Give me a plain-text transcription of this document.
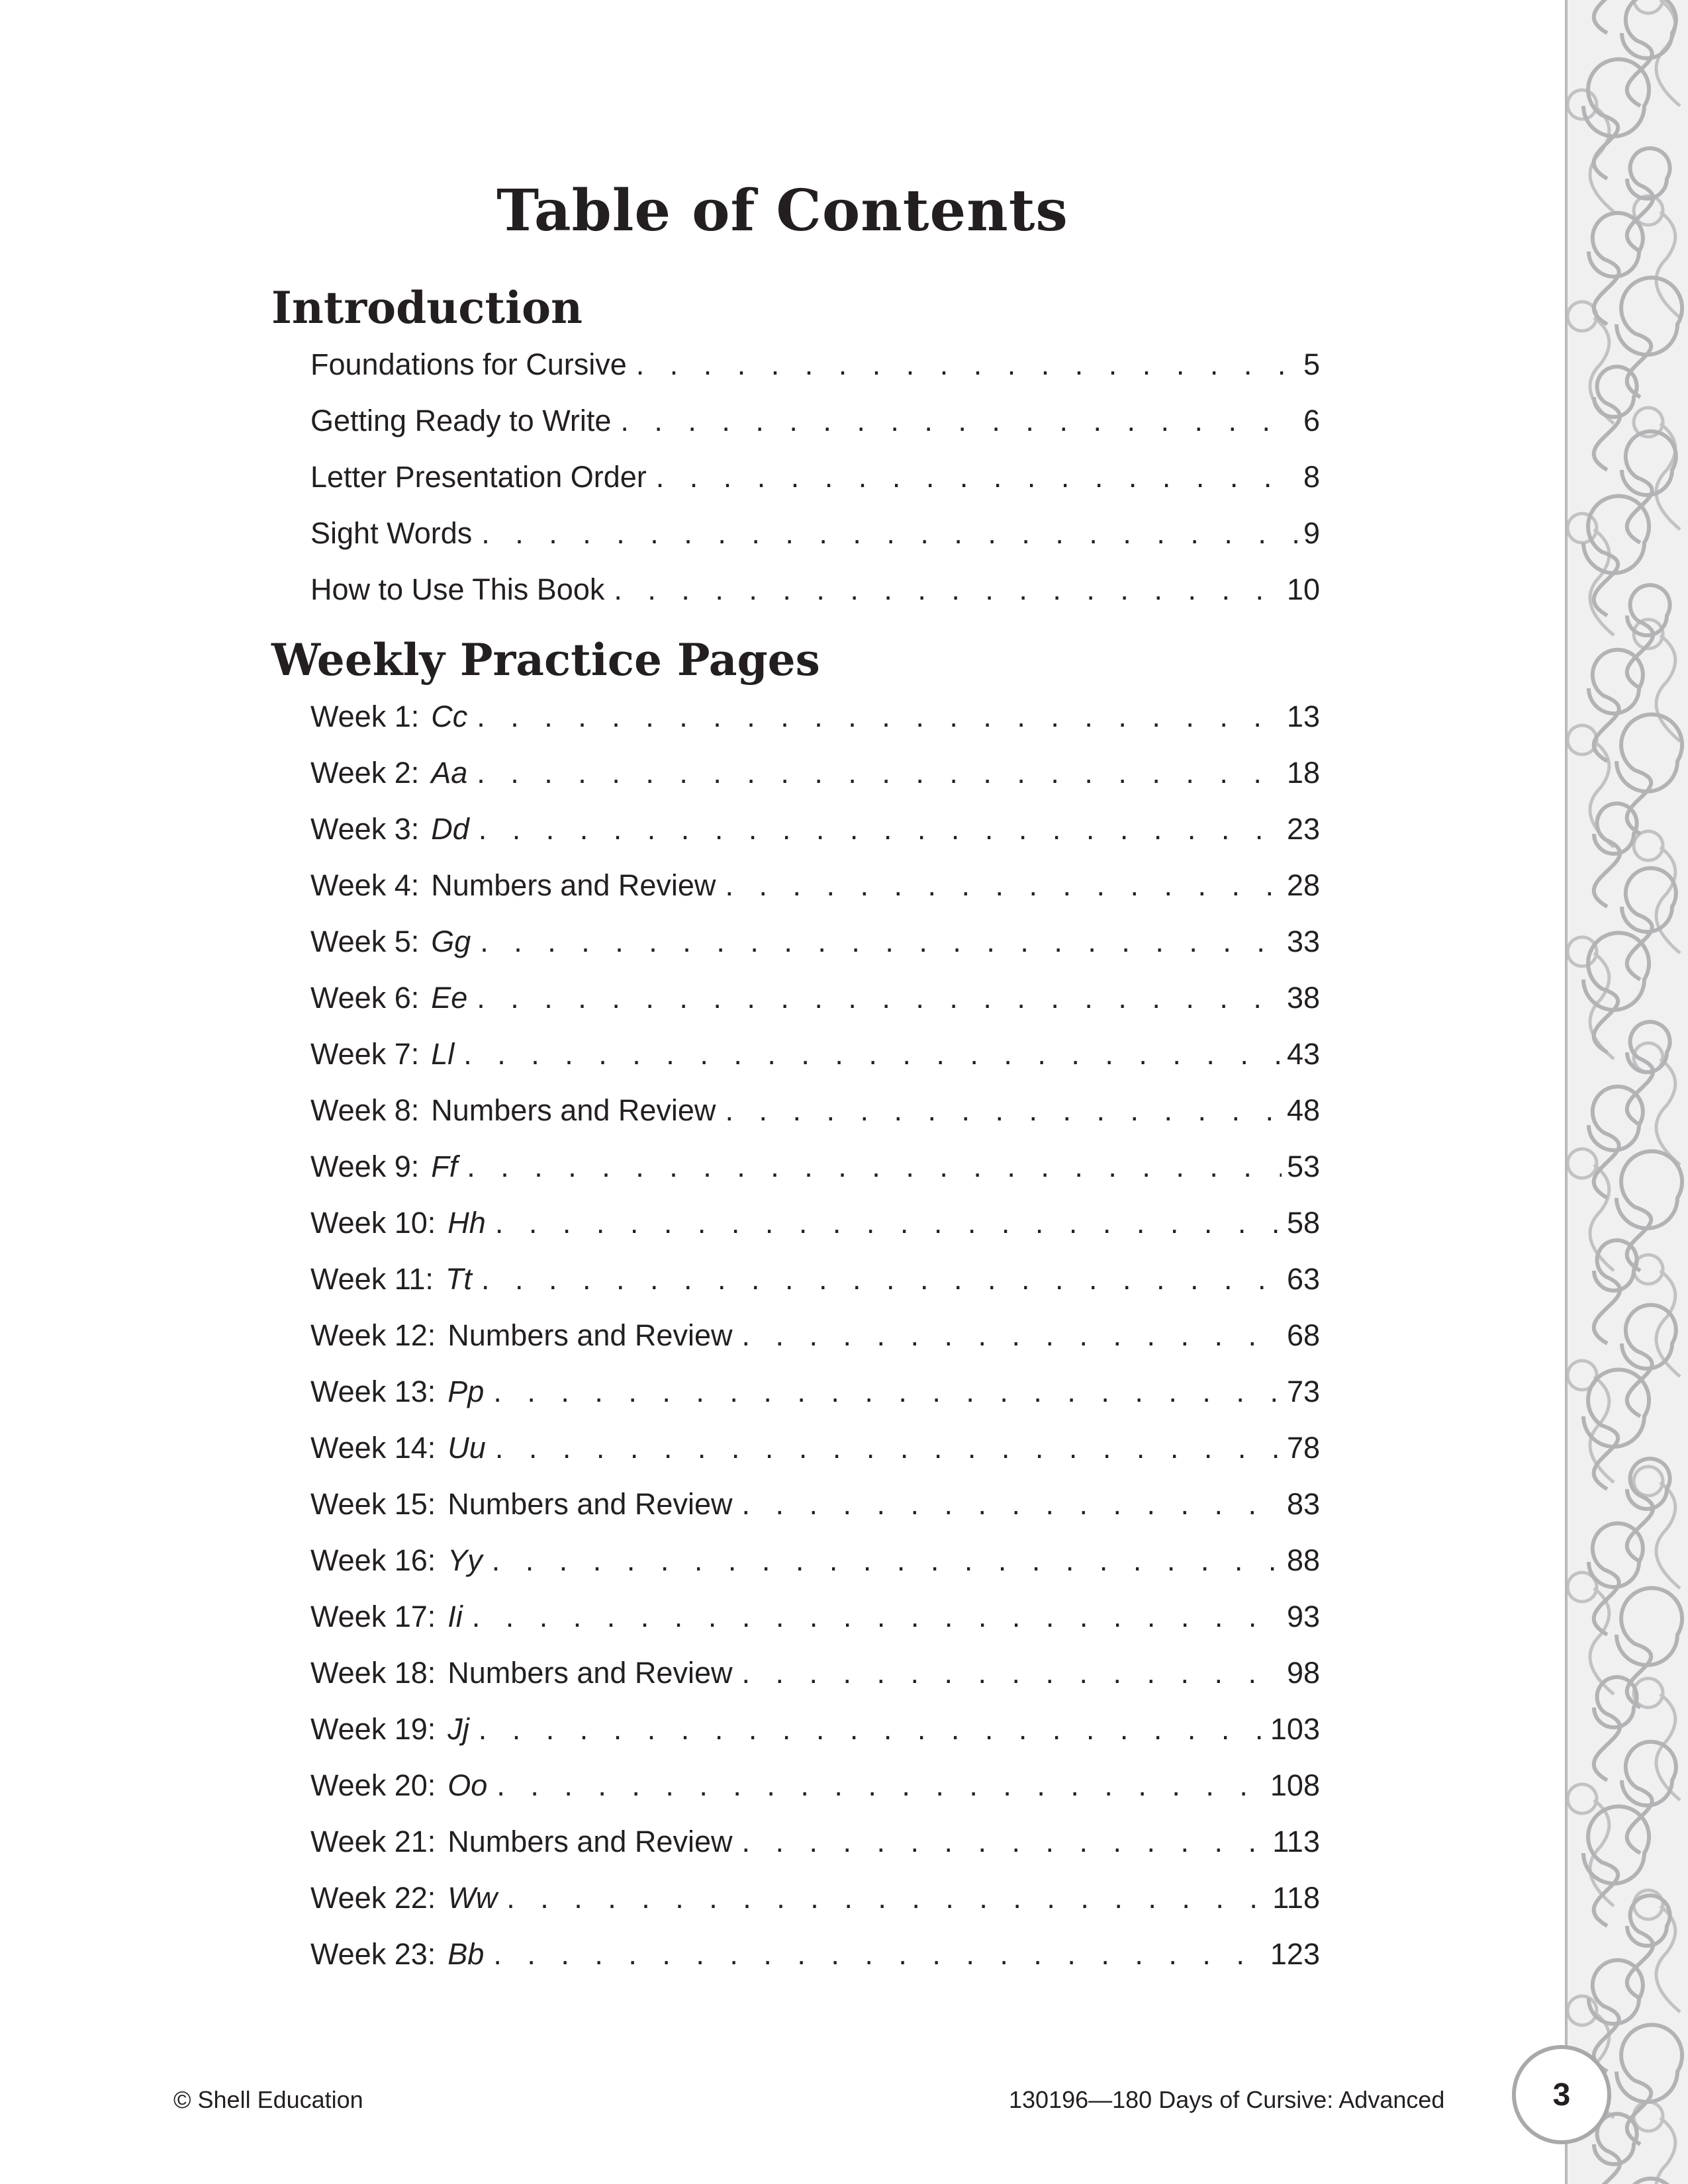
Table of Contents
Introduction
Foundations for Cursive . . .	5
Getting Ready to Write . . .	6
Letter Presentation Order . . .	8
Sight Words . . .	9
How to Use This Book . . .	10
Weekly Practice Pages
Week 1: Cc . . .	13
Week 2: Aa . . .	18
Week 3: Dd . . .	23
Week 4: Numbers and Review . . .	28
Week 5: Gg . . .	33
Week 6: Ee . . .	38
Week 7: Ll . . .	43
Week 8: Numbers and Review . . .	48
Week 9: Ff . . .	53
Week 10: Hh . . .	58
Week 11: Tt . . .	63
Week 12: Numbers and Review . . .	68
Week 13: Pp . . .	73
Week 14: Uu . . .	78
Week 15: Numbers and Review . . .	83
Week 16: Yy . . .	88
Week 17: Ii . . .	93
Week 18: Numbers and Review . . .	98
Week 19: Jj . . .	103
Week 20: Oo . . .	108
Week 21: Numbers and Review . . .	113
Week 22: Ww . . .	118
Week 23: Bb . . .	123
© Shell Education	130196—180 Days of Cursive: Advanced	3
